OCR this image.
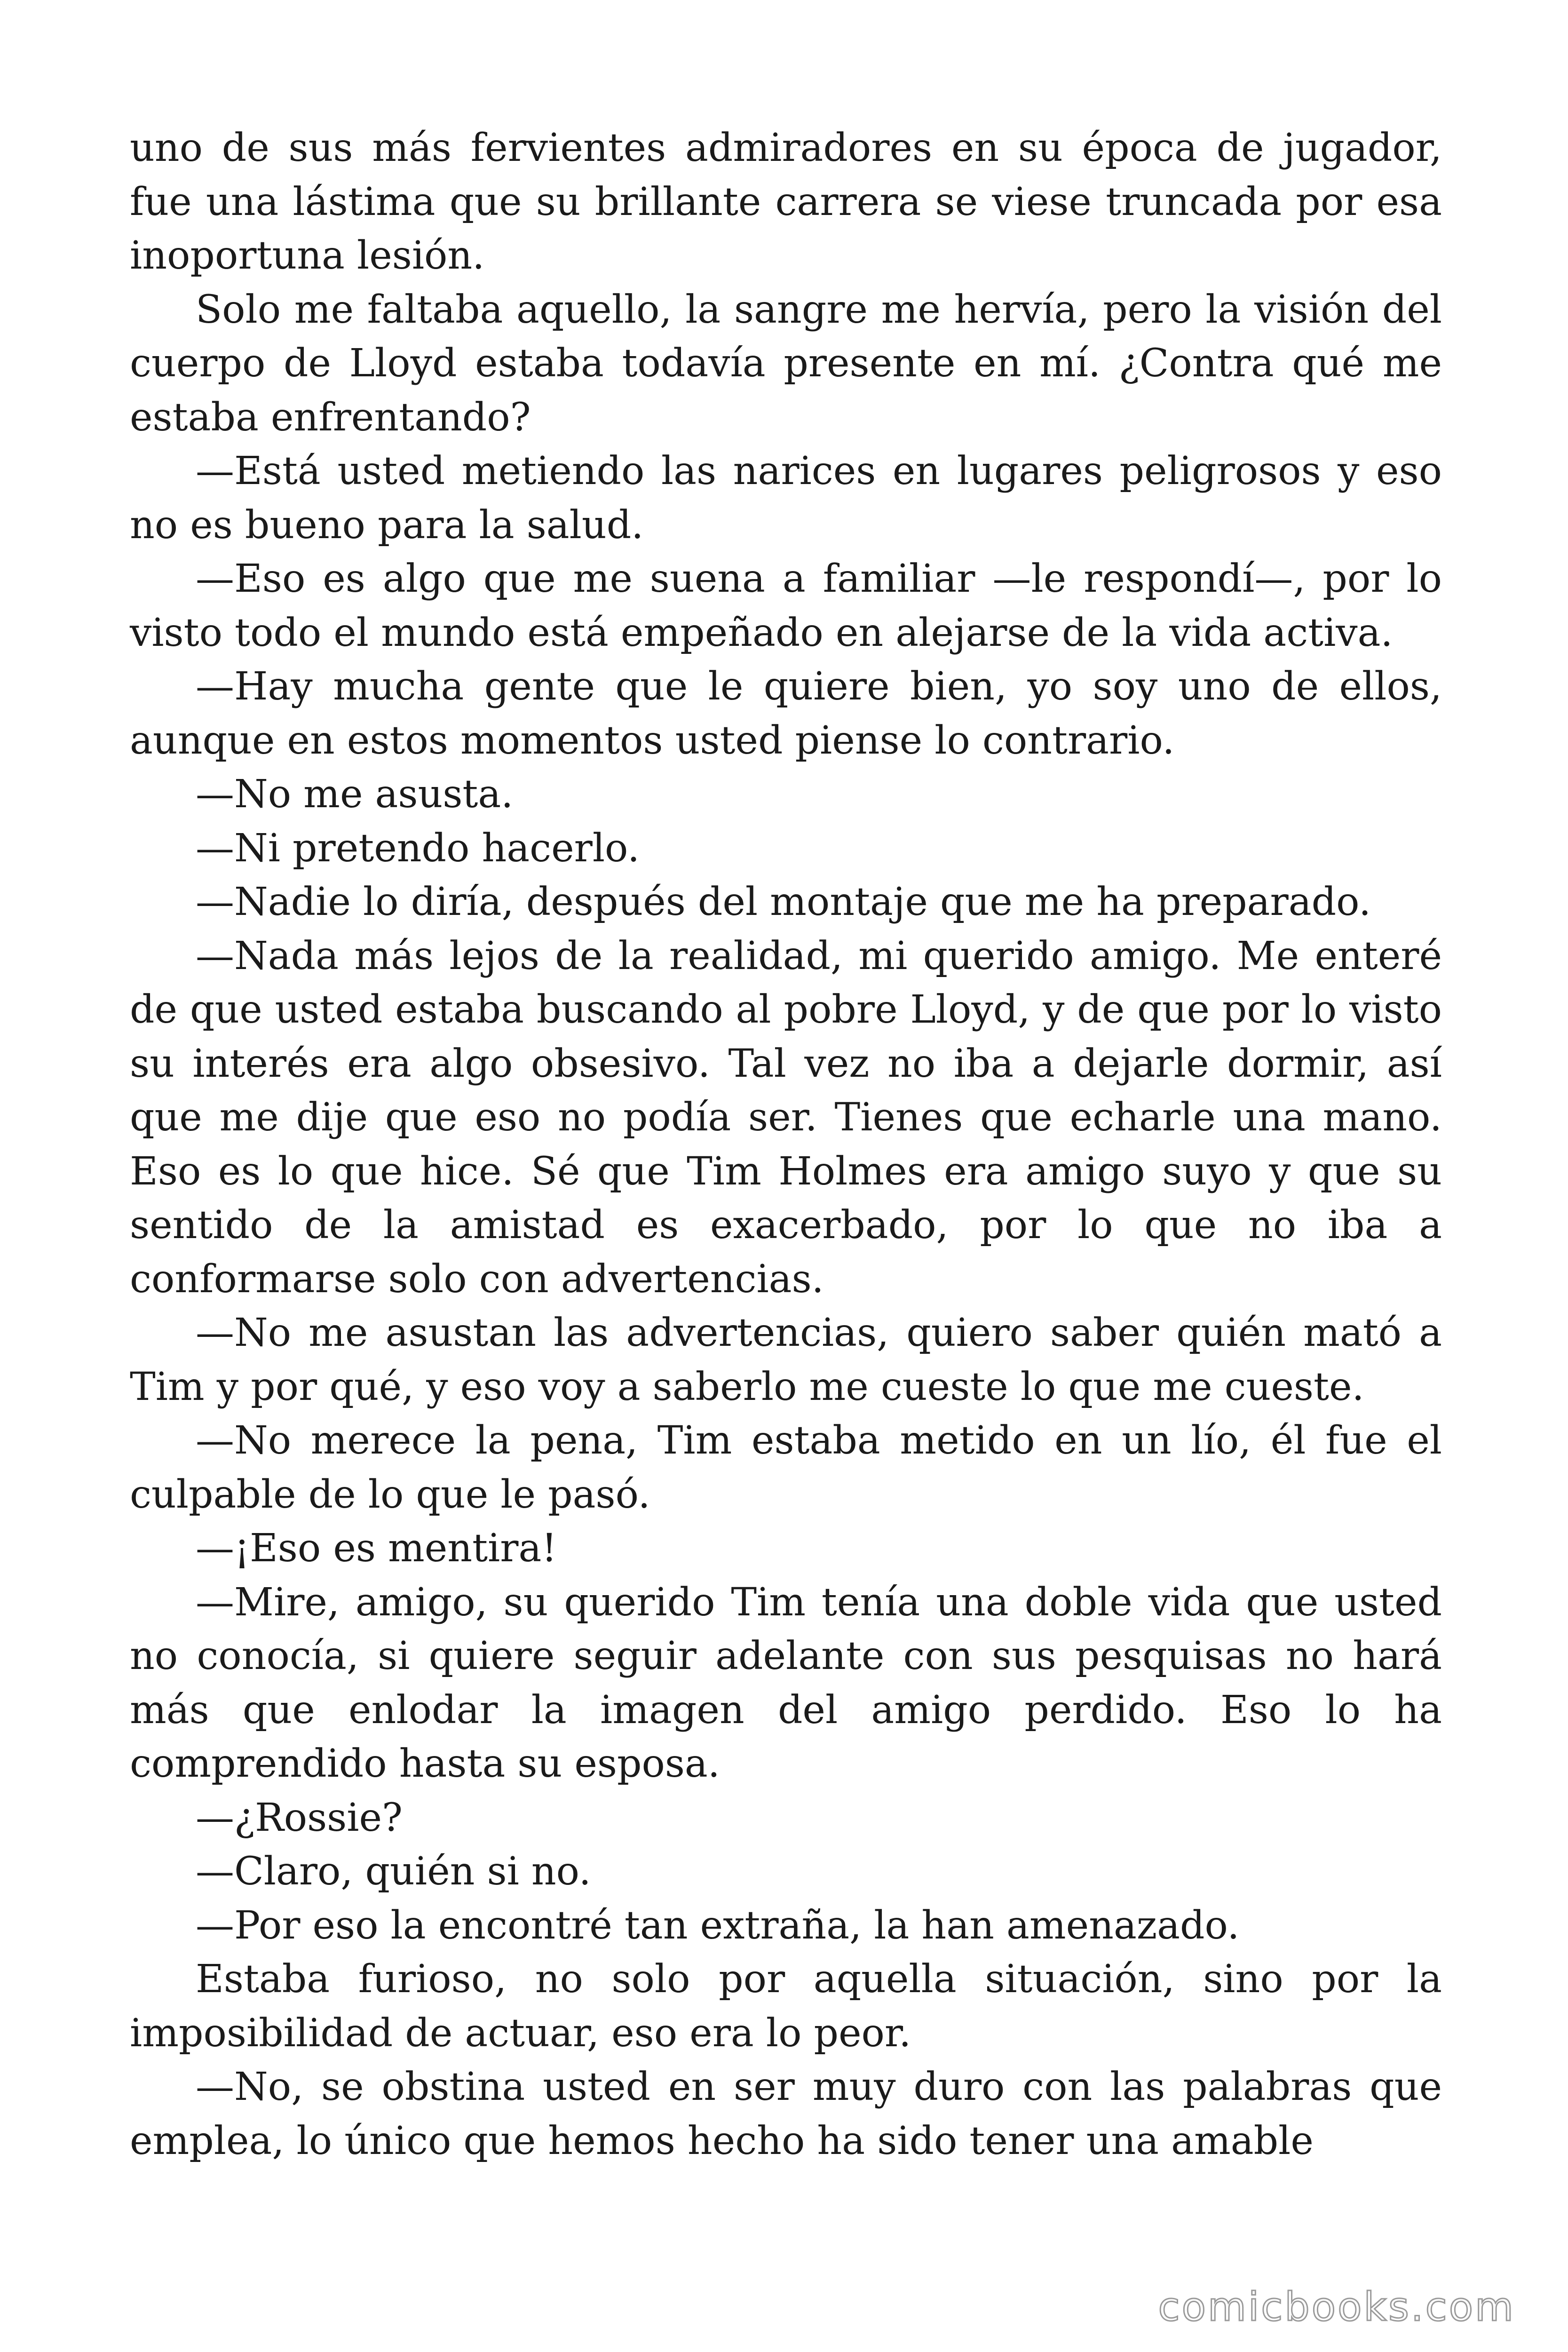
uno de sus más fervientes admiradores en su época de jugador, fue una lástima que su brillante carrera se viese truncada por esa inoportuna lesión.

Solo me faltaba aquello, la sangre me hervía, pero la visión del cuerpo de Lloyd estaba todavía presente en mí. ¿Contra qué me estaba enfrentando?

—Está usted metiendo las narices en lugares peligrosos y eso no es bueno para la salud.

—Eso es algo que me suena a familiar —le respondí—, por lo visto todo el mundo está empeñado en alejarse de la vida activa.

—Hay mucha gente que le quiere bien, yo soy uno de ellos, aunque en estos momentos usted piense lo contrario.

—No me asusta.

—Ni pretendo hacerlo.

—Nadie lo diría, después del montaje que me ha preparado.

—Nada más lejos de la realidad, mi querido amigo. Me enteré de que usted estaba buscando al pobre Lloyd, y de que por lo visto su interés era algo obsesivo. Tal vez no iba a dejarle dormir, así que me dije que eso no podía ser. Tienes que echarle una mano. Eso es lo que hice. Sé que Tim Holmes era amigo suyo y que su sentido de la amistad es exacerbado, por lo que no iba a conformarse solo con advertencias.

—No me asustan las advertencias, quiero saber quién mató a Tim y por qué, y eso voy a saberlo me cueste lo que me cueste.

—No merece la pena, Tim estaba metido en un lío, él fue el culpable de lo que le pasó.

—¡Eso es mentira!

—Mire, amigo, su querido Tim tenía una doble vida que usted no conocía, si quiere seguir adelante con sus pesquisas no hará más que enlodar la imagen del amigo perdido. Eso lo ha comprendido hasta su esposa.

—¿Rossie?

—Claro, quién si no.

—Por eso la encontré tan extraña, la han amenazado.

Estaba furioso, no solo por aquella situación, sino por la imposibilidad de actuar, eso era lo peor.

—No, se obstina usted en ser muy duro con las palabras que emplea, lo único que hemos hecho ha sido tener una amable

comicbooks.com
